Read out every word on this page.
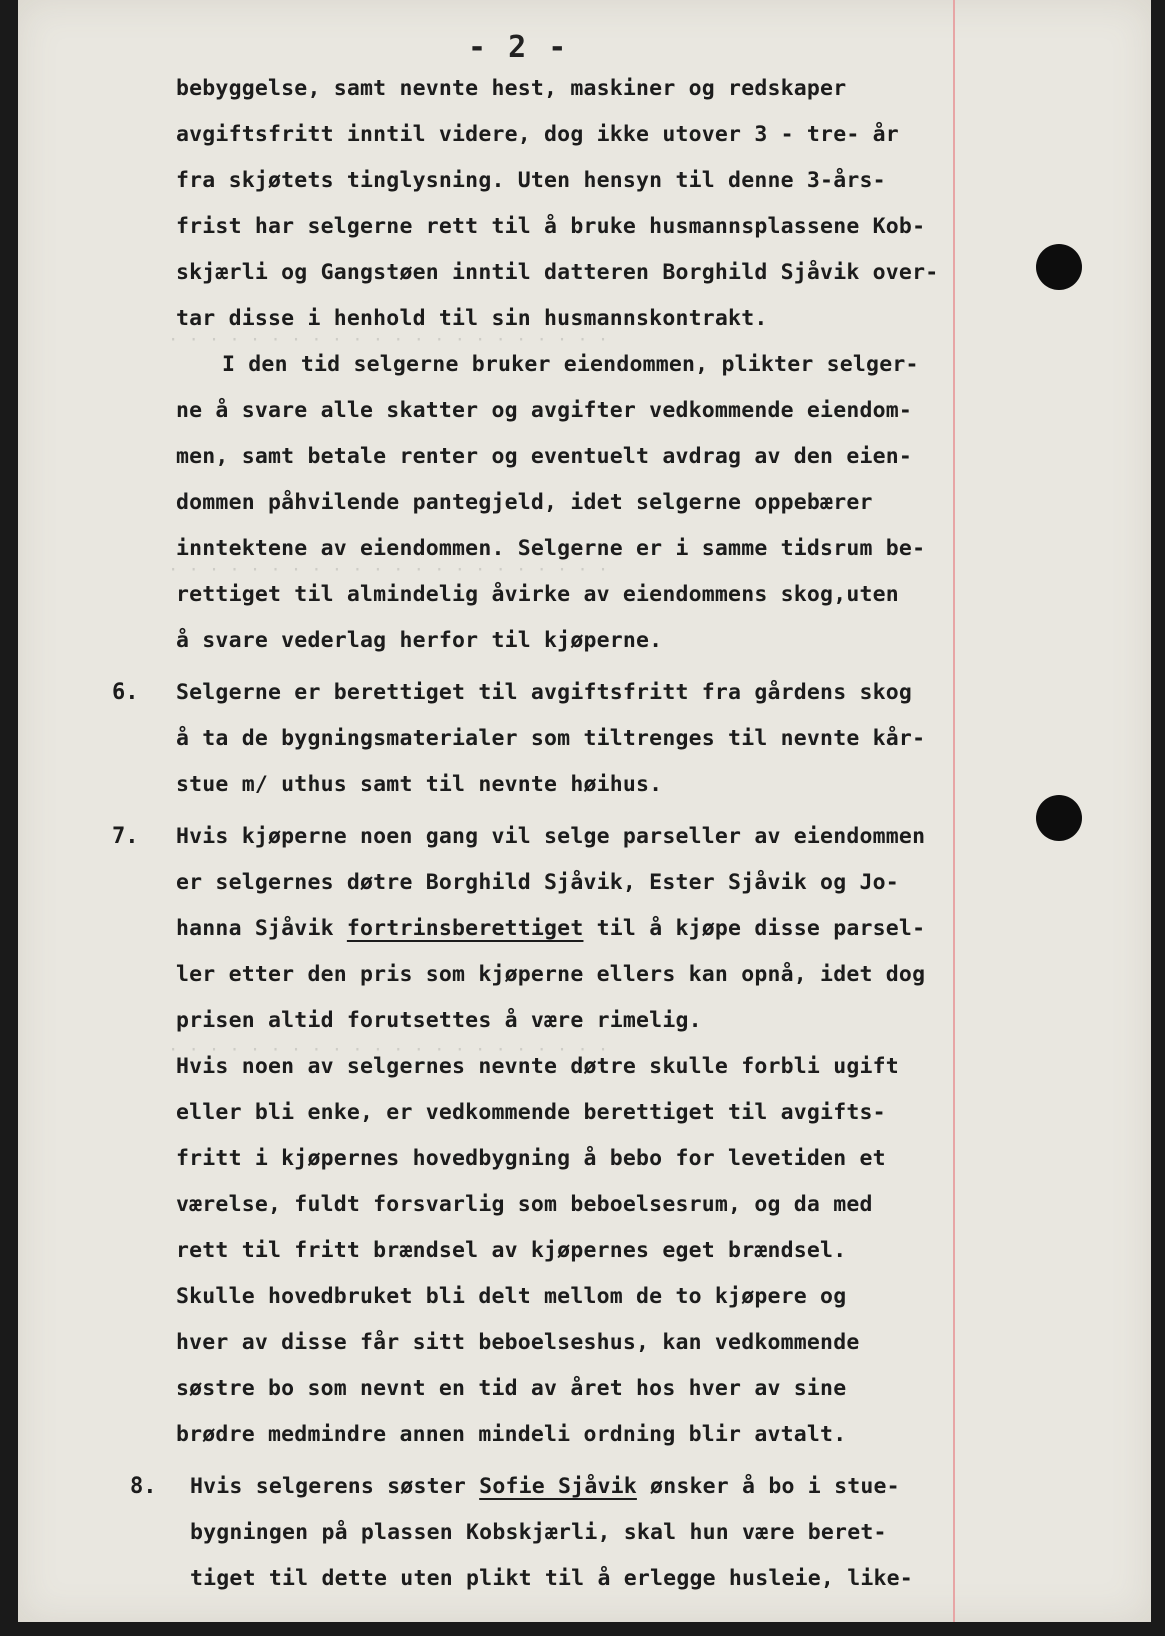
· · · · · · · · · · · · · · · · · · · · · ·
· · · · · · · · · · · · · · · · · · · · · ·
· · · · · · · · · · · · · · · · · · · · · ·
- 2 -
bebyggelse, samt nevnte hest, maskiner og redskaper
avgiftsfritt inntil videre, dog ikke utover 3 - tre- år
fra skjøtets tinglysning. Uten hensyn til denne 3-års-
frist har selgerne rett til å bruke husmannsplassene Kob-
skjærli og Gangstøen inntil datteren Borghild Sjåvik over-
tar disse i henhold til sin husmannskontrakt.
I den tid selgerne bruker eiendommen, plikter selger-
ne å svare alle skatter og avgifter vedkommende eiendom-
men, samt betale renter og eventuelt avdrag av den eien-
dommen påhvilende pantegjeld, idet selgerne oppebærer
inntektene av eiendommen. Selgerne er i samme tidsrum be-
rettiget til almindelig åvirke av eiendommens skog,uten
å svare vederlag herfor til kjøperne.
6. Selgerne er berettiget til avgiftsfritt fra gårdens skog
å ta de bygningsmaterialer som tiltrenges til nevnte kår-
stue m/ uthus samt til nevnte høihus.
7. Hvis kjøperne noen gang vil selge parseller av eiendommen
er selgernes døtre Borghild Sjåvik, Ester Sjåvik og Jo-
hanna Sjåvik fortrinsberettiget til å kjøpe disse parsel-
ler etter den pris som kjøperne ellers kan opnå, idet dog
prisen altid forutsettes å være rimelig.
Hvis noen av selgernes nevnte døtre skulle forbli ugift
eller bli enke, er vedkommende berettiget til avgifts-
fritt i kjøpernes hovedbygning å bebo for levetiden et
værelse, fuldt forsvarlig som beboelsesrum, og da med
rett til fritt brændsel av kjøpernes eget brændsel.
Skulle hovedbruket bli delt mellom de to kjøpere og
hver av disse får sitt beboelseshus, kan vedkommende
søstre bo som nevnt en tid av året hos hver av sine
brødre medmindre annen mindeli ordning blir avtalt.
8. Hvis selgerens søster Sofie Sjåvik ønsker å bo i stue-
bygningen på plassen Kobskjærli, skal hun være beret-
tiget til dette uten plikt til å erlegge husleie, like-
